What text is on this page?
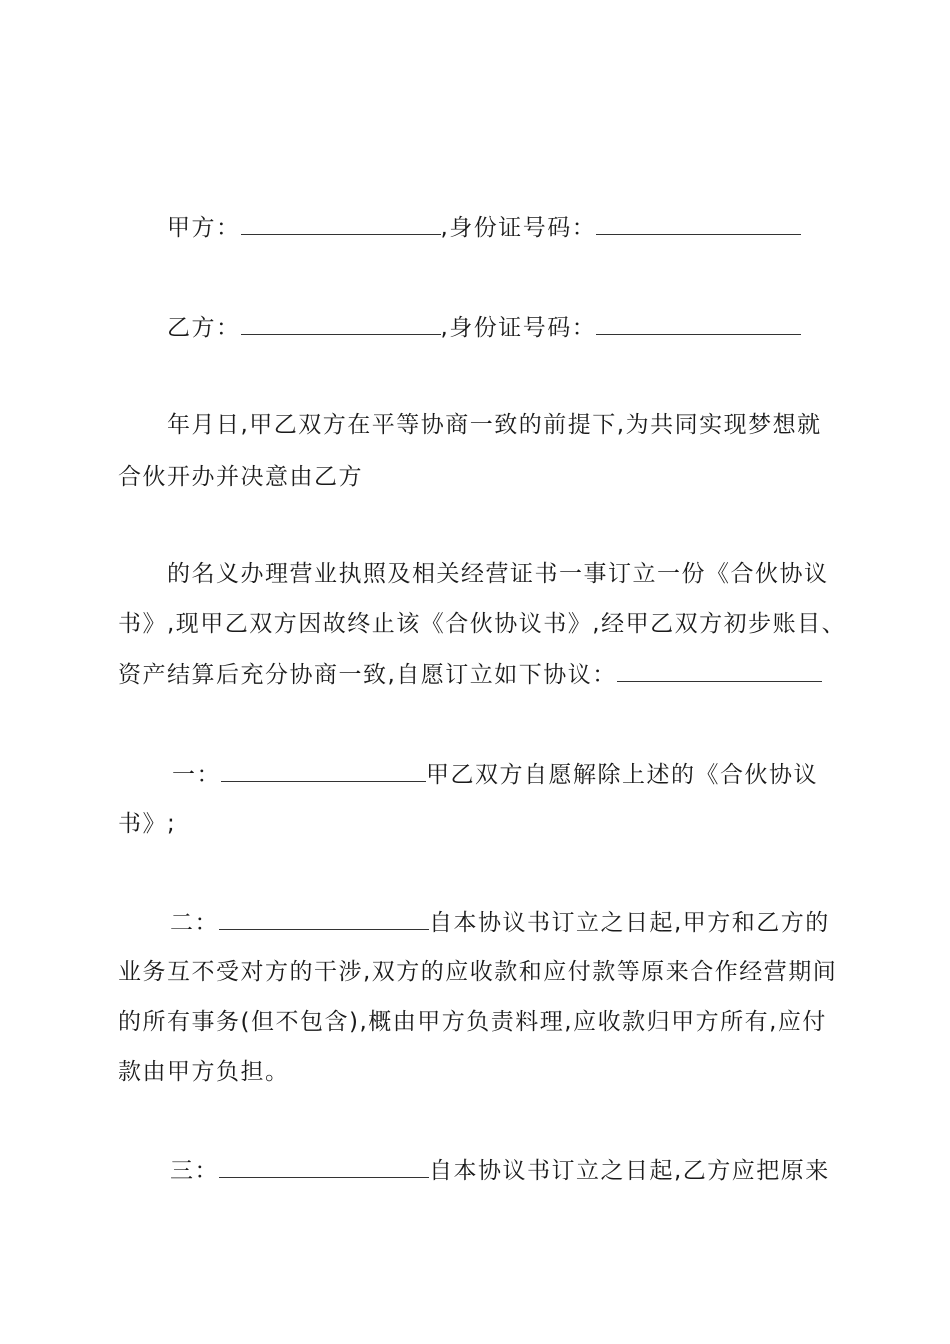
甲方：	,身份证号码：
乙方：	,身份证号码：
年月日,甲乙双方在平等协商一致的前提下,为共同实现梦想就
合伙开办并决意由乙方
的名义办理营业执照及相关经营证书一事订立一份《合伙协议
书》,现甲乙双方因故终止该《合伙协议书》,经甲乙双方初步账目、
资产结算后充分协商一致,自愿订立如下协议：
一：	甲乙双方自愿解除上述的《合伙协议
书》;
二：	自本协议书订立之日起,甲方和乙方的
业务互不受对方的干涉,双方的应收款和应付款等原来合作经营期间
的所有事务(但不包含),概由甲方负责料理,应收款归甲方所有,应付
款由甲方负担。
三：	自本协议书订立之日起,乙方应把原来
